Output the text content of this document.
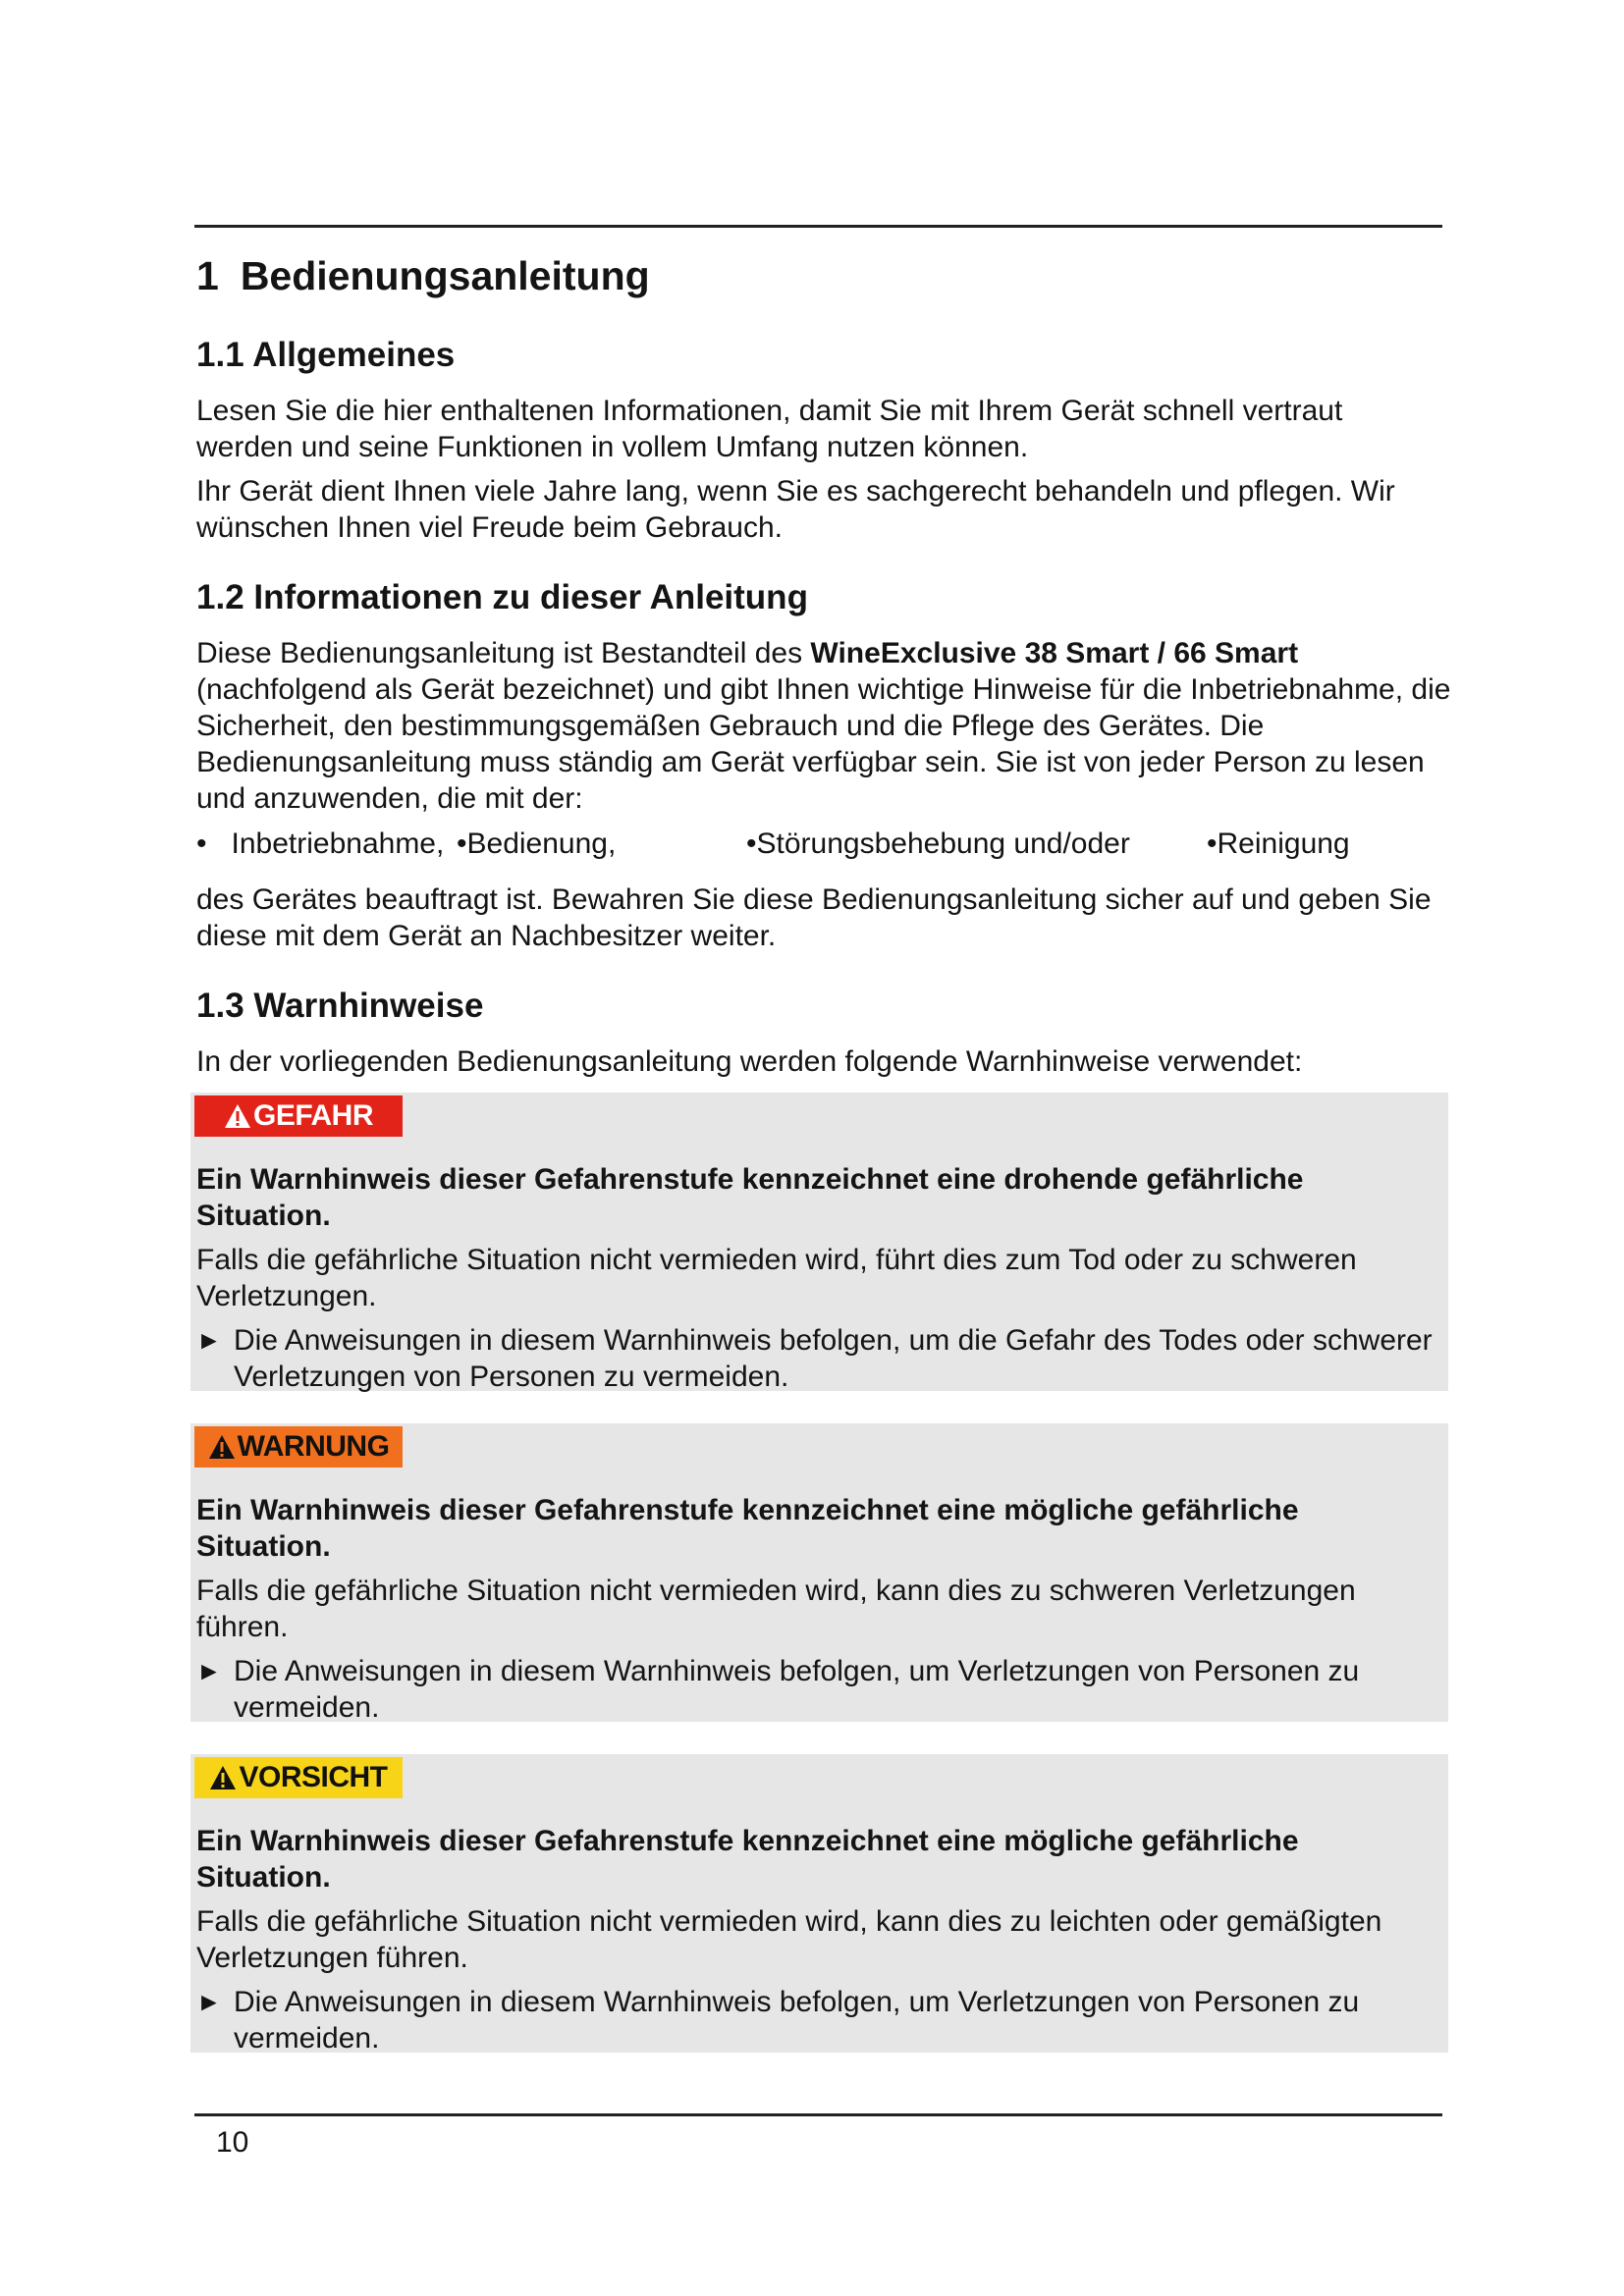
1 Bedienungsanleitung
1.1 Allgemeines
Lesen Sie die hier enthaltenen Informationen, damit Sie mit Ihrem Gerät schnell vertraut werden und seine Funktionen in vollem Umfang nutzen können.
Ihr Gerät dient Ihnen viele Jahre lang, wenn Sie es sachgerecht behandeln und pflegen. Wir wünschen Ihnen viel Freude beim Gebrauch.
1.2 Informationen zu dieser Anleitung
Diese Bedienungsanleitung ist Bestandteil des WineExclusive 38 Smart / 66 Smart (nachfolgend als Gerät bezeichnet) und gibt Ihnen wichtige Hinweise für die Inbetriebnahme, die Sicherheit, den bestimmungsgemäßen Gebrauch und die Pflege des Gerätes. Die Bedienungsanleitung muss ständig am Gerät verfügbar sein. Sie ist von jeder Person zu lesen und anzuwenden, die mit der:
• Inbetriebnahme, • Bedienung,	• Störungsbehebung und/oder	• Reinigung
des Gerätes beauftragt ist. Bewahren Sie diese Bedienungsanleitung sicher auf und geben Sie diese mit dem Gerät an Nachbesitzer weiter.
1.3 Warnhinweise
In der vorliegenden Bedienungsanleitung werden folgende Warnhinweise verwendet:
GEFAHR
Ein Warnhinweis dieser Gefahrenstufe kennzeichnet eine drohende gefährliche Situation.
Falls die gefährliche Situation nicht vermieden wird, führt dies zum Tod oder zu schweren Verletzungen.
► Die Anweisungen in diesem Warnhinweis befolgen, um die Gefahr des Todes oder schwerer Verletzungen von Personen zu vermeiden.
WARNUNG
Ein Warnhinweis dieser Gefahrenstufe kennzeichnet eine mögliche gefährliche Situation.
Falls die gefährliche Situation nicht vermieden wird, kann dies zu schweren Verletzungen führen.
► Die Anweisungen in diesem Warnhinweis befolgen, um Verletzungen von Personen zu vermeiden.
VORSICHT
Ein Warnhinweis dieser Gefahrenstufe kennzeichnet eine mögliche gefährliche Situation.
Falls die gefährliche Situation nicht vermieden wird, kann dies zu leichten oder gemäßigten Verletzungen führen.
► Die Anweisungen in diesem Warnhinweis befolgen, um Verletzungen von Personen zu vermeiden.
10
